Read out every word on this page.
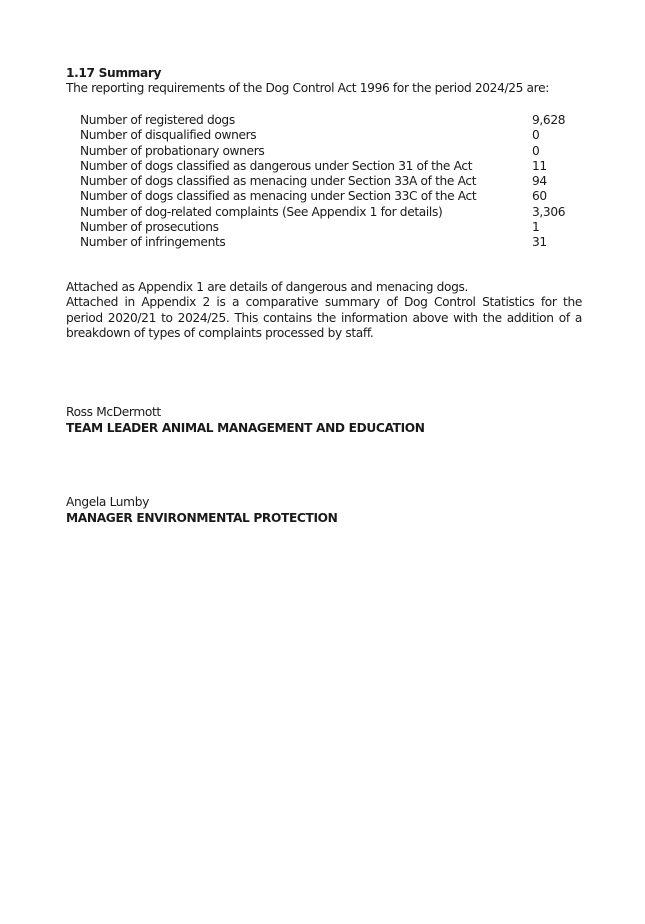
1.17 Summary
The reporting requirements of the Dog Control Act 1996 for the period 2024/25 are:
Number of registered dogs	9,628
Number of disqualified owners	0
Number of probationary owners	0
Number of dogs classified as dangerous under Section 31 of the Act	11
Number of dogs classified as menacing under Section 33A of the Act	94
Number of dogs classified as menacing under Section 33C of the Act	60
Number of dog-related complaints (See Appendix 1 for details)	3,306
Number of prosecutions	1
Number of infringements	31

Attached as Appendix 1 are details of dangerous and menacing dogs.

Attached in Appendix 2 is a comparative summary of Dog Control Statistics for the period 2020/21 to 2024/25. This contains the information above with the addition of a breakdown of types of complaints processed by staff.

Ross McDermott
TEAM LEADER ANIMAL MANAGEMENT AND EDUCATION
Angela Lumby
MANAGER ENVIRONMENTAL PROTECTION
